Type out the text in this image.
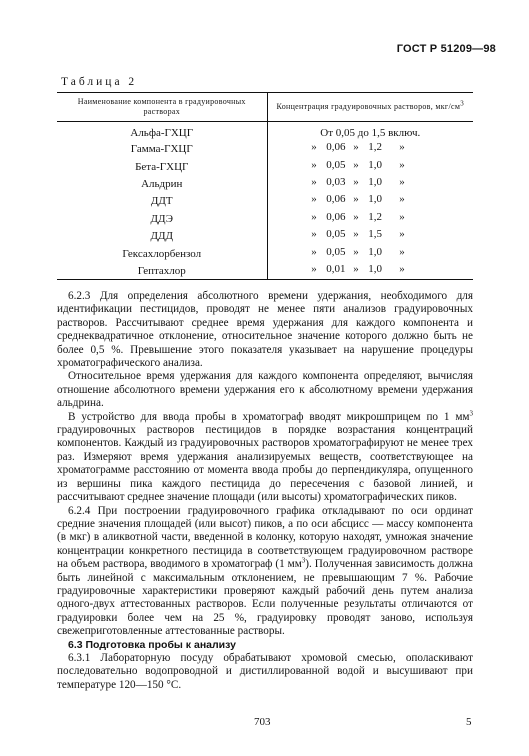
ГОСТ Р 51209—98
Таблица 2
Наименование компонента в градуировочных растворах	Концентрация градуировочных растворов, мкг/$см^3$
Альфа-ГХЦГ	От 0,05 до 1,5 включ.
Гамма-ГХЦГ	» 0,06 » 1,2 »

Бета-ГХЦГ	» 0,05 » 1,0 »

Альдрин	» 0,03 » 1,0 »

ДДТ	» 0,06 » 1,0 »

ДДЭ	» 0,06 » 1,2 »

ДДД	» 0,05 » 1,5 »

Гексахлорбензол	» 0,05 » 1,0 »

Гептахлор	» 0,01 » 1,0 »

6.2.3 Для определения абсолютного времени удержания, необходимого для идентификации пестицидов, проводят не менее пяти анализов градуировочных растворов. Рассчитывают среднее время удержания для каждого компонента и среднеквадратичное отклонение, относительное значение которого должно быть не более 0,5 %. Превышение этого показателя указывает на нарушение процедуры хроматографического анализа.

Относительное время удержания для каждого компонента определяют, вычисляя отношение абсолютного времени удержания его к абсолютному времени удержания альдрина.

В устройство для ввода пробы в хроматограф вводят микрошприцем по 1 $мм^3$ градуировочных растворов пестицидов в порядке возрастания концентраций компонентов. Каждый из градуировочных растворов хроматографируют не менее трех раз. Измеряют время удержания анализируемых веществ, соответствующее на хроматограмме расстоянию от момента ввода пробы до перпендикуляра, опущенного из вершины пика каждого пестицида до пересечения с базовой линией, и рассчитывают среднее значение площади (или высоты) хроматографических пиков.

6.2.4 При построении градуировочного графика откладывают по оси ординат средние значения площадей (или высот) пиков, а по оси абсцисс — массу компонента (в мкг) в аликвотной части, введенной в колонку, которую находят, умножая значение концентрации конкретного пестицида в соответствующем градуировочном растворе на объем раствора, вводимого в хроматограф (1 $мм^3$). Полученная зависимость должна быть линейной с максимальным отклонением, не превышающим 7 %. Рабочие градуировочные характеристики проверяют каждый рабочий день путем анализа одного-двух аттестованных растворов. Если полученные результаты отличаются от градуировки более чем на 25 %, градуировку проводят заново, используя свежеприготовленные аттестованные растворы.

6.3 Подготовка пробы к анализу

6.3.1 Лабораторную посуду обрабатывают хромовой смесью, ополаскивают последовательно водопроводной и дистиллированной водой и высушивают при температуре 120—150 °С.

703	5
